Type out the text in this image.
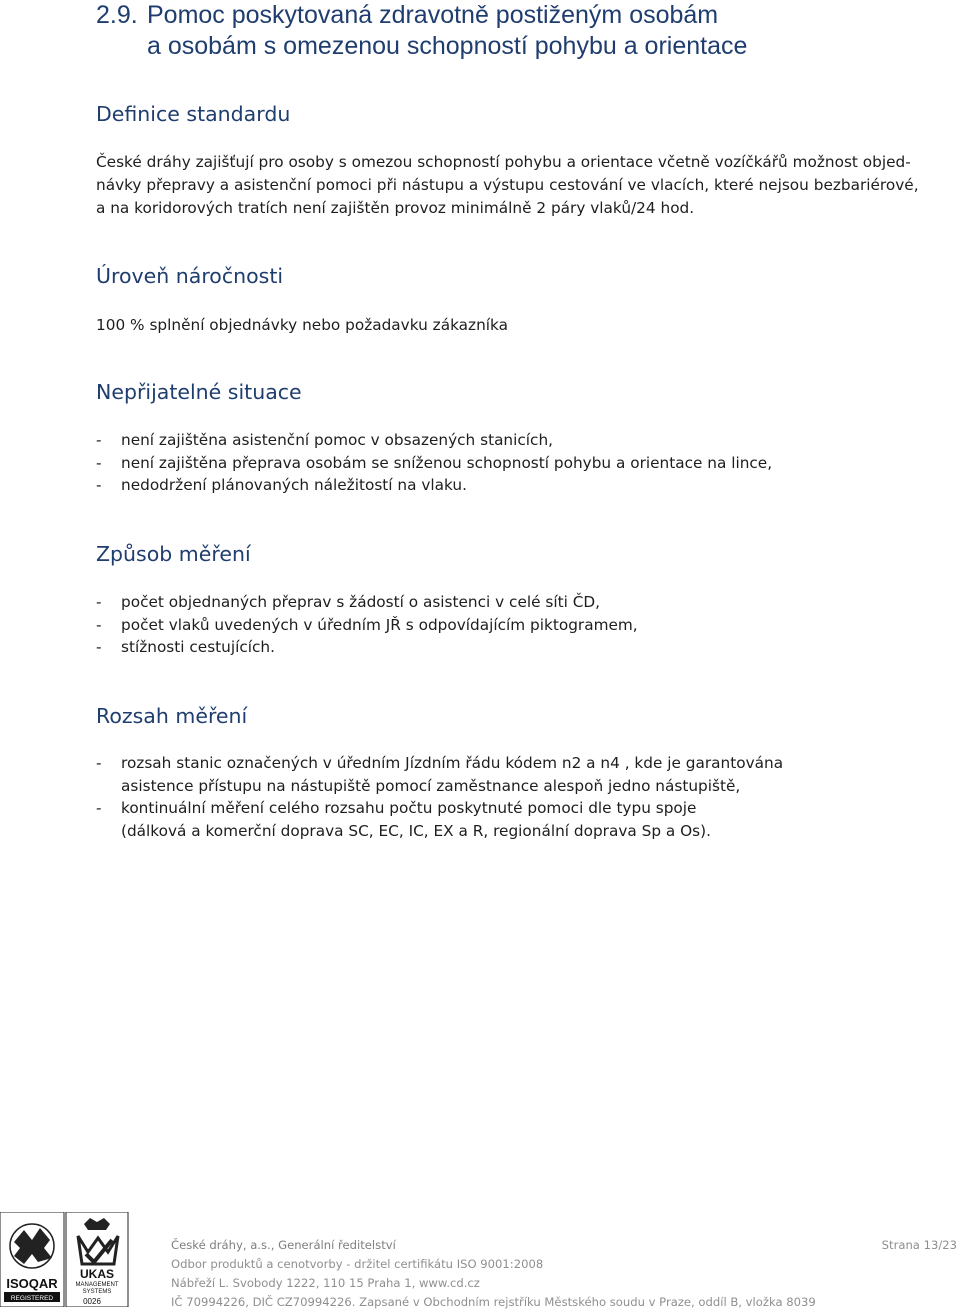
2.9. Pomoc poskytovaná zdravotně postiženým osobám
a osobám s omezenou schopností pohybu a orientace
Definice standardu
České dráhy zajišťují pro osoby s omezou schopností pohybu a orientace včetně vozíčkářů možnost objed-
návky přepravy a asistenční pomoci při nástupu a výstupu cestování ve vlacích, které nejsou bezbariérové,
a na koridorových tratích není zajištěn provoz minimálně 2 páry vlaků/24 hod.
Úroveň náročnosti
100 % splnění objednávky nebo požadavku zákazníka
Nepřijatelné situace
- není zajištěna asistenční pomoc v obsazených stanicích,
- není zajištěna přeprava osobám se sníženou schopností pohybu a orientace na lince,
- nedodržení plánovaných náležitostí na vlaku.
Způsob měření
- počet objednaných přeprav s žádostí o asistenci v celé síti ČD,
- počet vlaků uvedených v úředním JŘ s odpovídajícím piktogramem,
- stížnosti cestujících.
Rozsah měření
- rozsah stanic označených v úředním Jízdním řádu kódem n2 a n4 , kde je garantována
asistence přístupu na nástupiště pomocí zaměstnance alespoň jedno nástupiště,
- kontinuální měření celého rozsahu počtu poskytnuté pomoci dle typu spoje
(dálková a komerční doprava SC, EC, IC, EX a R, regionální doprava Sp a Os).
ISOQAR
REGISTERED
UKAS
MANAGEMENT
SYSTEMS
0026
České dráhy, a.s., Generální ředitelství
Odbor produktů a cenotvorby - držitel certifikátu ISO 9001:2008
Nábřeží L. Svobody 1222, 110 15 Praha 1, www.cd.cz
IČ 70994226, DIČ CZ70994226. Zapsané v Obchodním rejstříku Městského soudu v Praze, oddíl B, vložka 8039
Strana 13/23
